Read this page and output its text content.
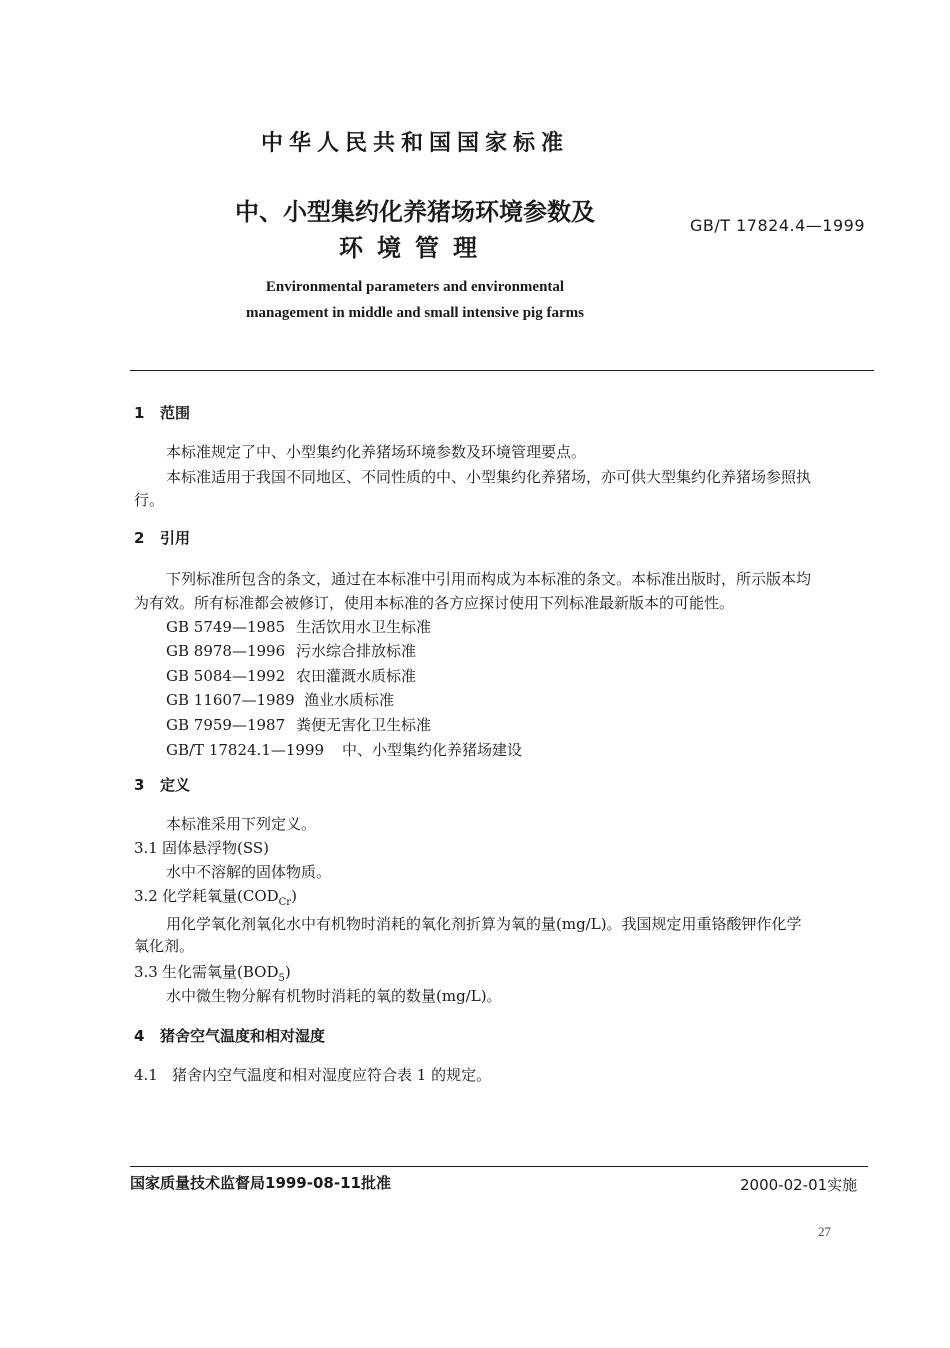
中华人民共和国国家标准
中、小型集约化养猪场环境参数及
环境管理
GB/T 17824.4—1999
Environmental parameters and environmental
management in middle and small intensive pig farms
1 范围
本标准规定了中、小型集约化养猪场环境参数及环境管理要点。
本标准适用于我国不同地区、不同性质的中、小型集约化养猪场，亦可供大型集约化养猪场参照执
行。
2 引用
下列标准所包含的条文，通过在本标准中引用而构成为本标准的条文。本标准出版时，所示版本均
为有效。所有标准都会被修订，使用本标准的各方应探讨使用下列标准最新版本的可能性。
GB 5749—1985 生活饮用水卫生标准
GB 8978—1996 污水综合排放标准
GB 5084—1992 农田灌溉水质标准
GB 11607—1989 渔业水质标准
GB 7959—1987 粪便无害化卫生标准
GB/T 17824.1—1999 中、小型集约化养猪场建设
3 定义
本标准采用下列定义。
3.1 固体悬浮物(SS)
水中不溶解的固体物质。
3.2 化学耗氧量$(COD_{Cr})$
用化学氧化剂氧化水中有机物时消耗的氧化剂折算为氧的量(mg/L)。我国规定用重铬酸钾作化学
氧化剂。
3.3 生化需氧量$(BOD_5)$
水中微生物分解有机物时消耗的氧的数量(mg/L)。
4 猪舍空气温度和相对湿度
4.1 猪舍内空气温度和相对湿度应符合表 1 的规定。
国家质量技术监督局1999-08-11批准	2000-02-01实施
27
